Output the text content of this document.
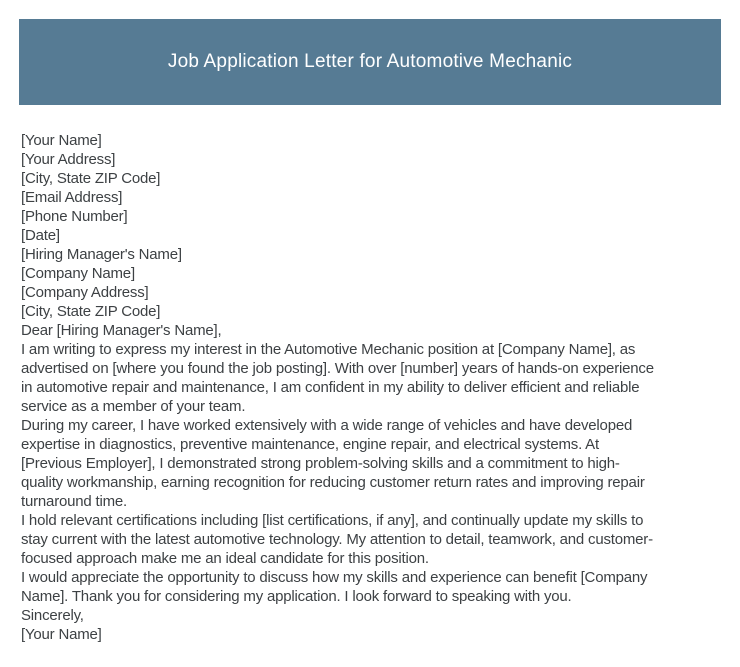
Job Application Letter for Automotive Mechanic
[Your Name]
[Your Address]
[City, State ZIP Code]
[Email Address]
[Phone Number]
[Date]
[Hiring Manager's Name]
[Company Name]
[Company Address]
[City, State ZIP Code]
Dear [Hiring Manager's Name],
I am writing to express my interest in the Automotive Mechanic position at [Company Name], as
advertised on [where you found the job posting]. With over [number] years of hands-on experience
in automotive repair and maintenance, I am confident in my ability to deliver efficient and reliable
service as a member of your team.
During my career, I have worked extensively with a wide range of vehicles and have developed
expertise in diagnostics, preventive maintenance, engine repair, and electrical systems. At
[Previous Employer], I demonstrated strong problem-solving skills and a commitment to high-
quality workmanship, earning recognition for reducing customer return rates and improving repair
turnaround time.
I hold relevant certifications including [list certifications, if any], and continually update my skills to
stay current with the latest automotive technology. My attention to detail, teamwork, and customer-
focused approach make me an ideal candidate for this position.
I would appreciate the opportunity to discuss how my skills and experience can benefit [Company
Name]. Thank you for considering my application. I look forward to speaking with you.
Sincerely,
[Your Name]
